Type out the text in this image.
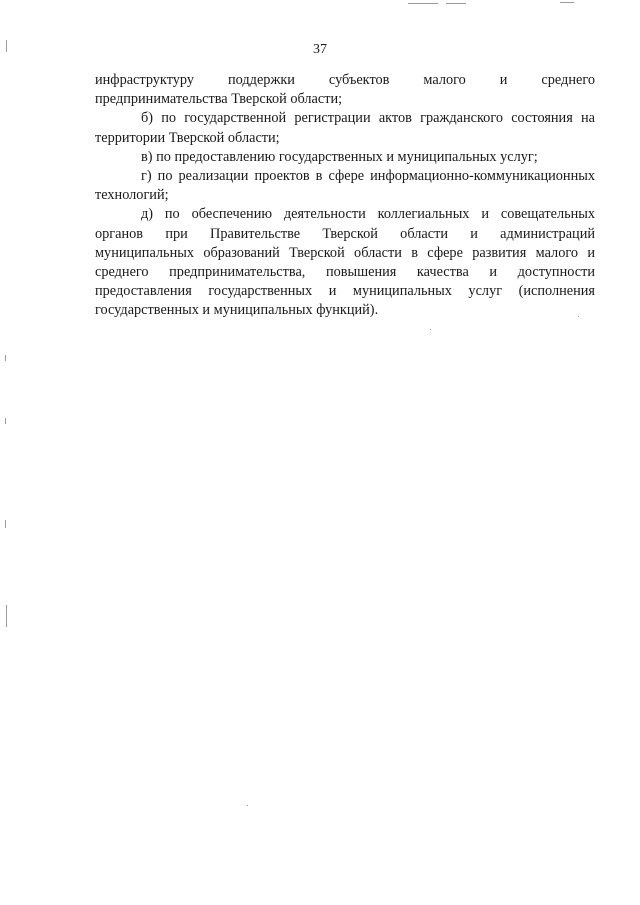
37

инфраструктуру поддержки субъектов малого и среднего
предпринимательства Тверской области;

б) по государственной регистрации актов гражданского состояния на
территории Тверской области;

в) по предоставлению государственных и муниципальных услуг;

г) по реализации проектов в сфере информационно-коммуникационных
технологий;

д) по обеспечению деятельности коллегиальных и совещательных
органов при Правительстве Тверской области и администраций
муниципальных образований Тверской области в сфере развития малого и
среднего предпринимательства, повышения качества и доступности
предоставления государственных и муниципальных услуг (исполнения
государственных и муниципальных функций).
